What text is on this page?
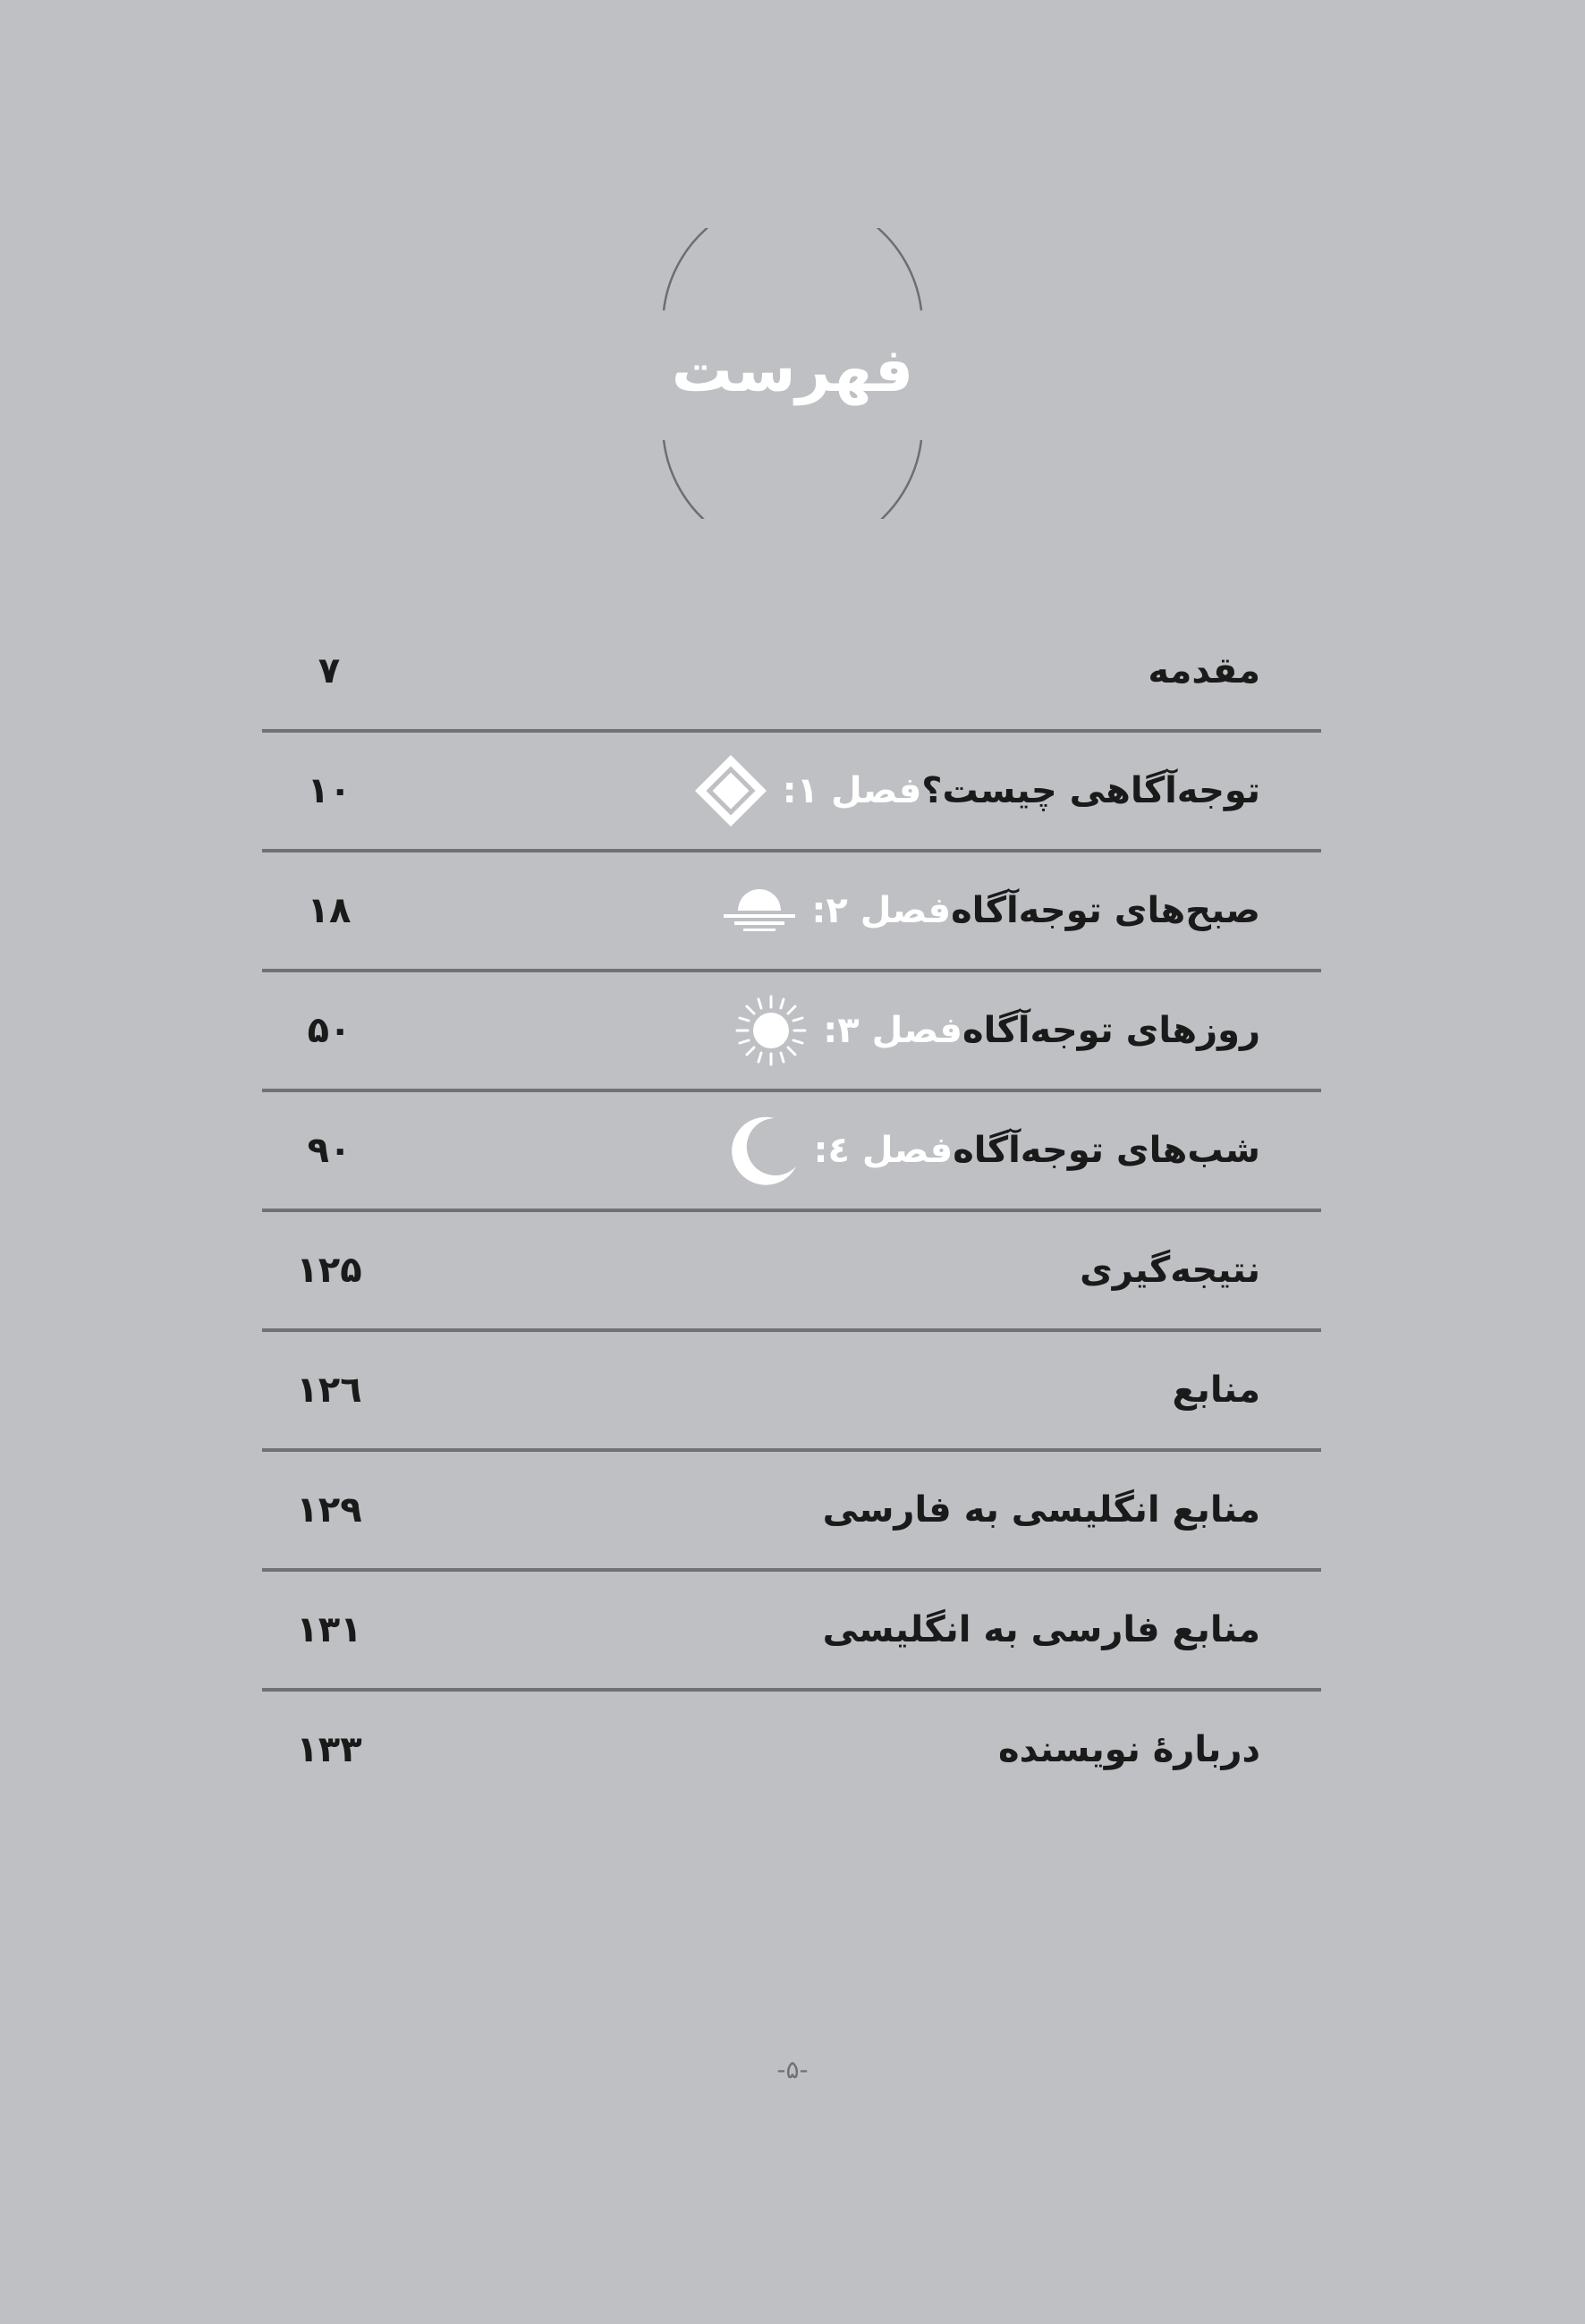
فهرست
مقدمه
۷
فصل ۱: توجه‌آگاهی چیست؟
۱۰
فصل ۲: صبح‌های توجه‌آگاه
۱۸
فصل ۳: روزهای توجه‌آگاه
۵۰
فصل ٤: شب‌های توجه‌آگاه
۹۰
نتیجه‌گیری
۱۲۵
منابع
۱۲٦
منابع انگلیسی به فارسی
۱۲۹
منابع فارسی به انگلیسی
۱۳۱
دربارهٔ نویسنده
۱۳۳
-۵-
